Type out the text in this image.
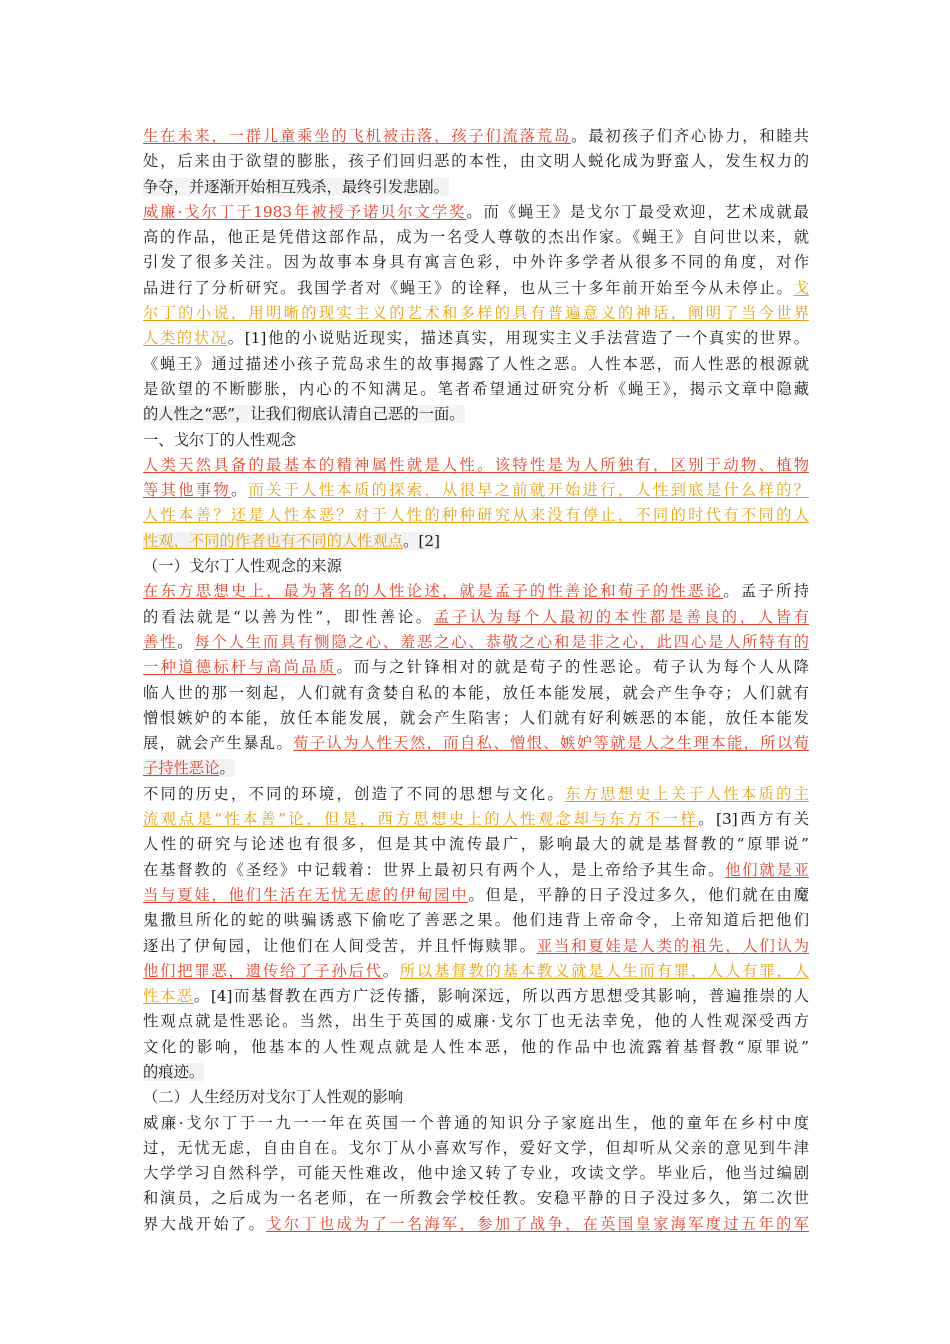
生在未来，一群儿童乘坐的飞机被击落，孩子们流落荒岛。最初孩子们齐心协力，和睦共
处，后来由于欲望的膨胀，孩子们回归恶的本性，由文明人蜕化成为野蛮人，发生权力的
争夺，并逐渐开始相互残杀，最终引发悲剧。
威廉·戈尔丁于1983年被授予诺贝尔文学奖。而《蝇王》是戈尔丁最受欢迎，艺术成就最
高的作品，他正是凭借这部作品，成为一名受人尊敬的杰出作家。《蝇王》自问世以来，就
引发了很多关注。因为故事本身具有寓言色彩，中外许多学者从很多不同的角度，对作
品进行了分析研究。我国学者对《蝇王》的诠释，也从三十多年前开始至今从未停止。戈
尔丁的小说，用明晰的现实主义的艺术和多样的具有普遍意义的神话，阐明了当今世界
人类的状况。[1]他的小说贴近现实，描述真实，用现实主义手法营造了一个真实的世界。
《蝇王》通过描述小孩子荒岛求生的故事揭露了人性之恶。人性本恶，而人性恶的根源就
是欲望的不断膨胀，内心的不知满足。笔者希望通过研究分析《蝇王》，揭示文章中隐藏
的人性之“恶”，让我们彻底认清自己恶的一面。
一、戈尔丁的人性观念
人类天然具备的最基本的精神属性就是人性。该特性是为人所独有，区别于动物、植物
等其他事物。而关于人性本质的探索，从很早之前就开始进行，人性到底是什么样的？
人性本善？还是人性本恶？对于人性的种种研究从来没有停止，不同的时代有不同的人
性观，不同的作者也有不同的人性观点。[2]
（一）戈尔丁人性观念的来源
在东方思想史上，最为著名的人性论述，就是孟子的性善论和荀子的性恶论。孟子所持
的看法就是“以善为性”，即性善论。孟子认为每个人最初的本性都是善良的，人皆有
善性。每个人生而具有恻隐之心、羞恶之心、恭敬之心和是非之心，此四心是人所特有的
一种道德标杆与高尚品质。而与之针锋相对的就是荀子的性恶论。荀子认为每个人从降
临人世的那一刻起，人们就有贪婪自私的本能，放任本能发展，就会产生争夺；人们就有
憎恨嫉妒的本能，放任本能发展，就会产生陷害；人们就有好利嫉恶的本能，放任本能发
展，就会产生暴乱。荀子认为人性天然，而自私、憎恨、嫉妒等就是人之生理本能，所以荀
子持性恶论。
不同的历史，不同的环境，创造了不同的思想与文化。东方思想史上关于人性本质的主
流观点是“性本善”论，但是，西方思想史上的人性观念却与东方不一样。[3]西方有关
人性的研究与论述也有很多，但是其中流传最广，影响最大的就是基督教的“原罪说”
在基督教的《圣经》中记载着：世界上最初只有两个人，是上帝给予其生命。他们就是亚
当与夏娃，他们生活在无忧无虑的伊甸园中。但是，平静的日子没过多久，他们就在由魔
鬼撒旦所化的蛇的哄骗诱惑下偷吃了善恶之果。他们违背上帝命令，上帝知道后把他们
逐出了伊甸园，让他们在人间受苦，并且忏悔赎罪。亚当和夏娃是人类的祖先，人们认为
他们把罪恶，遗传给了子孙后代。所以基督教的基本教义就是人生而有罪，人人有罪，人
性本恶。[4]而基督教在西方广泛传播，影响深远，所以西方思想受其影响，普遍推崇的人
性观点就是性恶论。当然，出生于英国的威廉·戈尔丁也无法幸免，他的人性观深受西方
文化的影响，他基本的人性观点就是人性本恶，他的作品中也流露着基督教“原罪说”
的痕迹。
（二）人生经历对戈尔丁人性观的影响
威廉·戈尔丁于一九一一年在英国一个普通的知识分子家庭出生，他的童年在乡村中度
过，无忧无虑，自由自在。戈尔丁从小喜欢写作，爱好文学，但却听从父亲的意见到牛津
大学学习自然科学，可能天性难改，他中途又转了专业，攻读文学。毕业后，他当过编剧
和演员，之后成为一名老师，在一所教会学校任教。安稳平静的日子没过多久，第二次世
界大战开始了。戈尔丁也成为了一名海军，参加了战争，在英国皇家海军度过五年的军
